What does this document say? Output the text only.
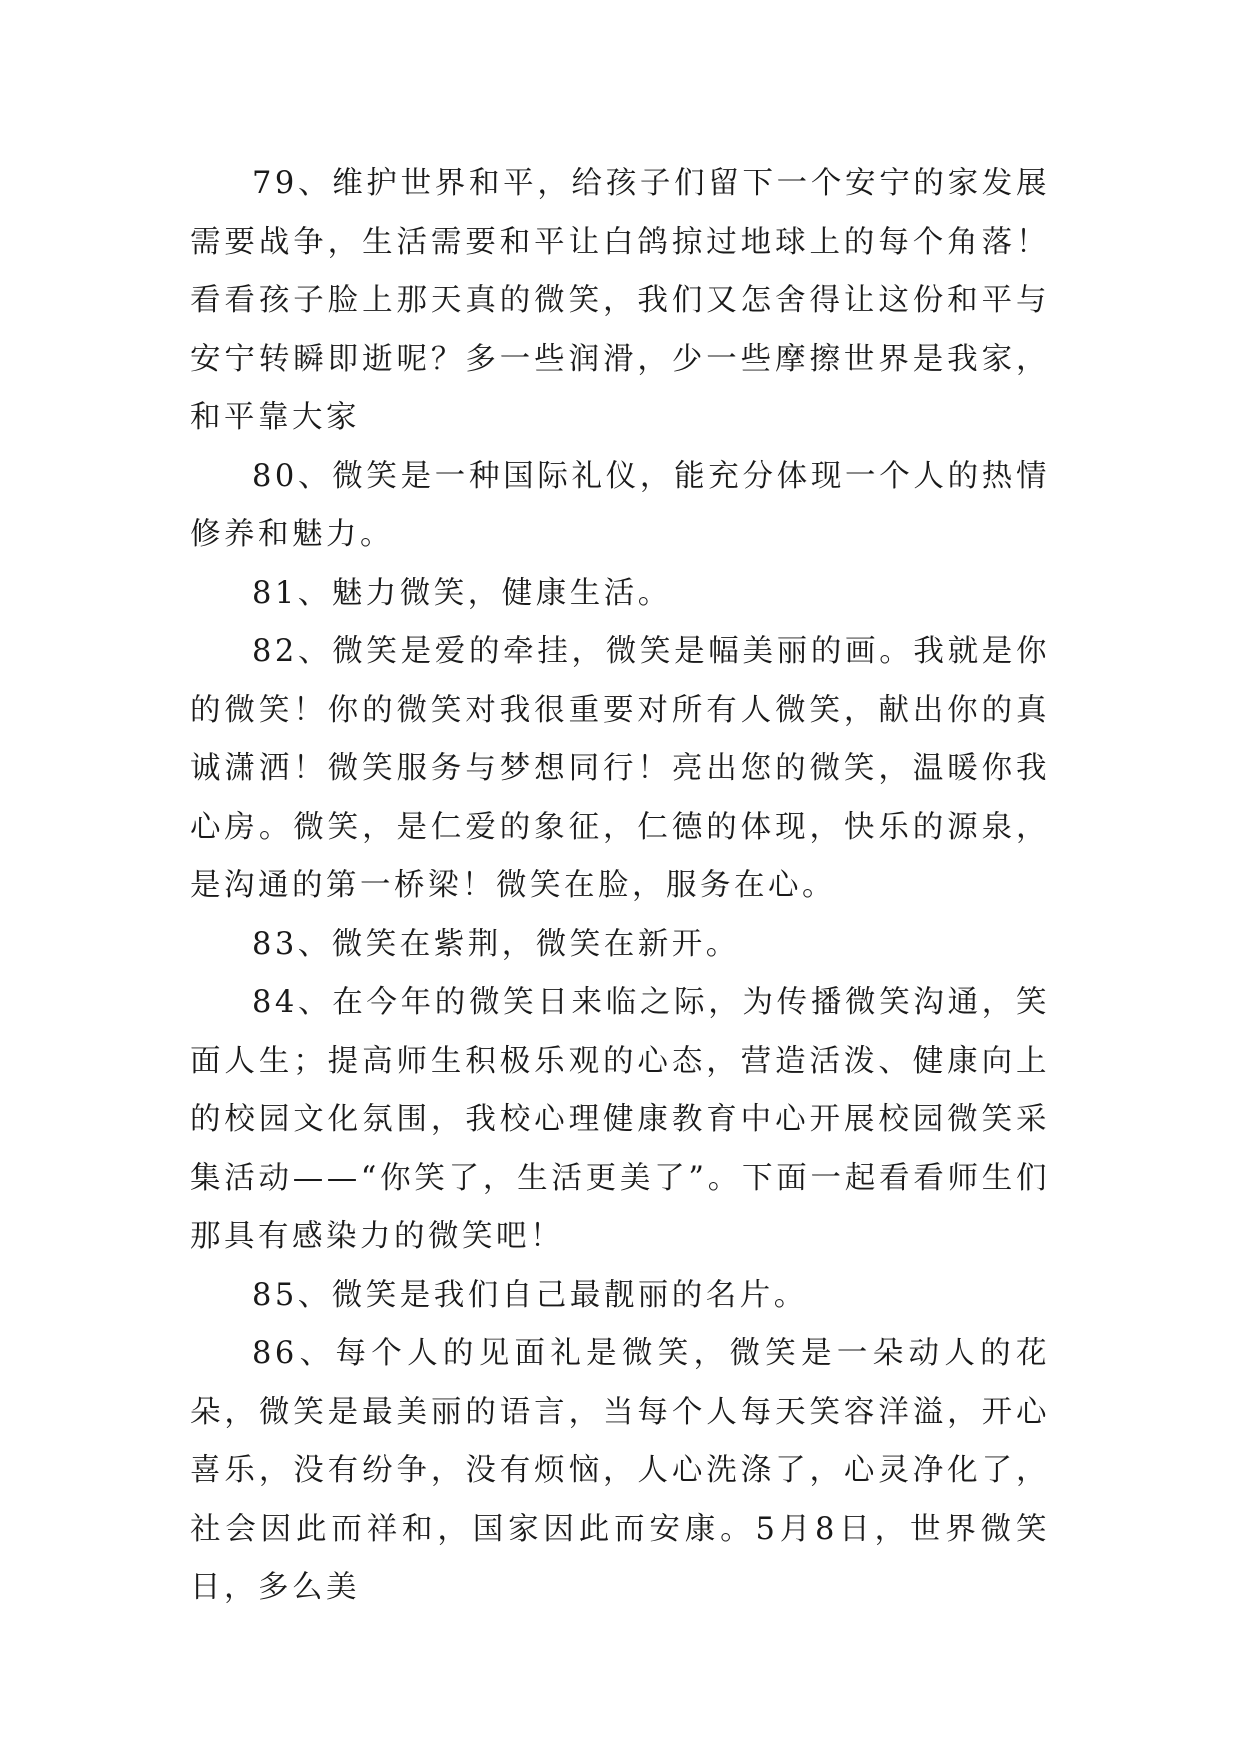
79、维护世界和平，给孩子们留下一个安宁的家发展需要战争，生活需要和平让白鸽掠过地球上的每个角落！看看孩子脸上那天真的微笑，我们又怎舍得让这份和平与安宁转瞬即逝呢？多一些润滑，少一些摩擦世界是我家，和平靠大家

80、微笑是一种国际礼仪，能充分体现一个人的热情修养和魅力。

81、魅力微笑，健康生活。

82、微笑是爱的牵挂，微笑是幅美丽的画。我就是你的微笑！你的微笑对我很重要对所有人微笑，献出你的真诚潇洒！微笑服务与梦想同行！亮出您的微笑，温暖你我心房。微笑，是仁爱的象征，仁德的体现，快乐的源泉，是沟通的第一桥梁！微笑在脸，服务在心。

83、微笑在紫荆，微笑在新开。

84、在今年的微笑日来临之际，为传播微笑沟通，笑面人生；提高师生积极乐观的心态，营造活泼、健康向上的校园文化氛围，我校心理健康教育中心开展校园微笑采集活动——“你笑了，生活更美了”。下面一起看看师生们那具有感染力的微笑吧！

85、微笑是我们自己最靓丽的名片。

86、每个人的见面礼是微笑，微笑是一朵动人的花朵，微笑是最美丽的语言，当每个人每天笑容洋溢，开心喜乐，没有纷争，没有烦恼，人心洗涤了，心灵净化了，社会因此而祥和，国家因此而安康。5月8日，世界微笑日，多么美
